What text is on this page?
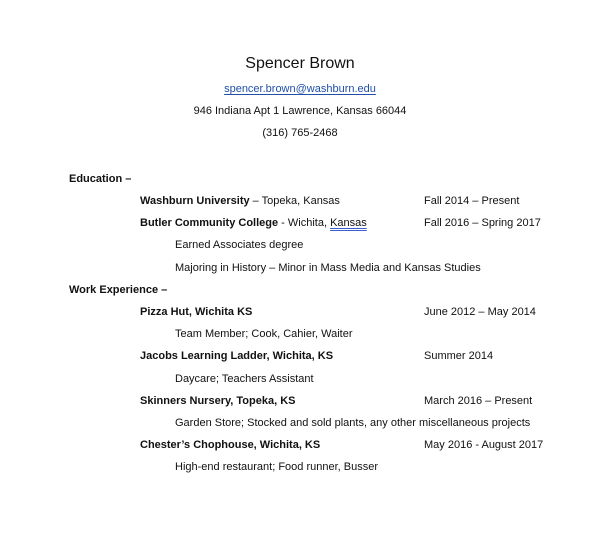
Spencer Brown
spencer.brown@washburn.edu
946 Indiana Apt 1 Lawrence, Kansas 66044
(316) 765-2468
Education –
Washburn University – Topeka, Kansas	Fall 2014 – Present
Butler Community College - Wichita, Kansas	Fall 2016 – Spring 2017
Earned Associates degree
Majoring in History – Minor in Mass Media and Kansas Studies
Work Experience –
Pizza Hut, Wichita KS	June 2012 – May 2014
Team Member; Cook, Cahier, Waiter
Jacobs Learning Ladder, Wichita, KS	Summer 2014
Daycare; Teachers Assistant
Skinners Nursery, Topeka, KS	March 2016 – Present
Garden Store; Stocked and sold plants, any other miscellaneous projects
Chester’s Chophouse, Wichita, KS	May 2016 - August 2017
High-end restaurant; Food runner, Busser
